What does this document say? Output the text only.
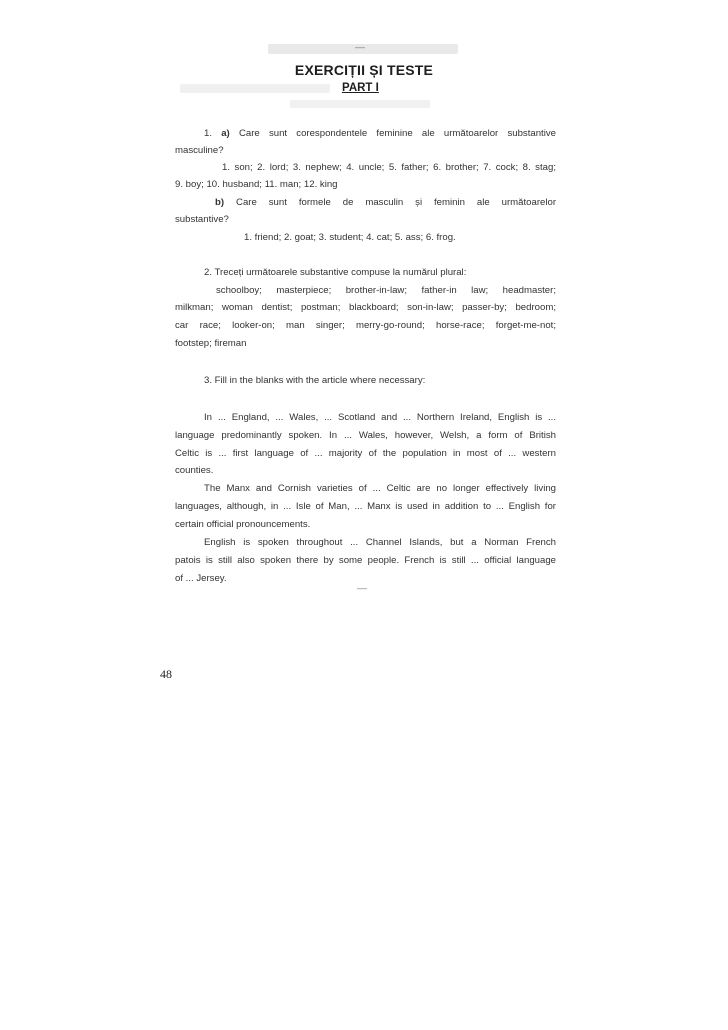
EXERCIȚII ȘI TESTE
PART I
1. a) Care sunt corespondentele feminine ale următoarelor substantive
masculine?
1. son; 2. lord; 3. nephew; 4. uncle; 5. father; 6. brother; 7. cock; 8. stag;
9. boy; 10. husband; 11. man; 12. king
b) Care sunt formele de masculin și feminin ale următoarelor
substantive?
1. friend; 2. goat; 3. student; 4. cat; 5. ass; 6. frog.
2. Treceți următoarele substantive compuse la numărul plural:
schoolboy; masterpiece; brother-in-law; father-in law; headmaster;
milkman; woman dentist; postman; blackboard; son-in-law; passer-by; bedroom;
car race; looker-on; man singer; merry-go-round; horse-race; forget-me-not;
footstep; fireman
3. Fill in the blanks with the article where necessary:
In ... England, ... Wales, ... Scotland and ... Northern Ireland, English is ...
language predominantly spoken. In ... Wales, however, Welsh, a form of British
Celtic is ... first language of ... majority of the population in most of ... western
counties.
The Manx and Cornish varieties of ... Celtic are no longer effectively living
languages, although, in ... Isle of Man, ... Manx is used in addition to ... English for
certain official pronouncements.
English is spoken throughout ... Channel Islands, but a Norman French
patois is still also spoken there by some people. French is still ... official language
of ... Jersey.
‒‒
‒‒
48
